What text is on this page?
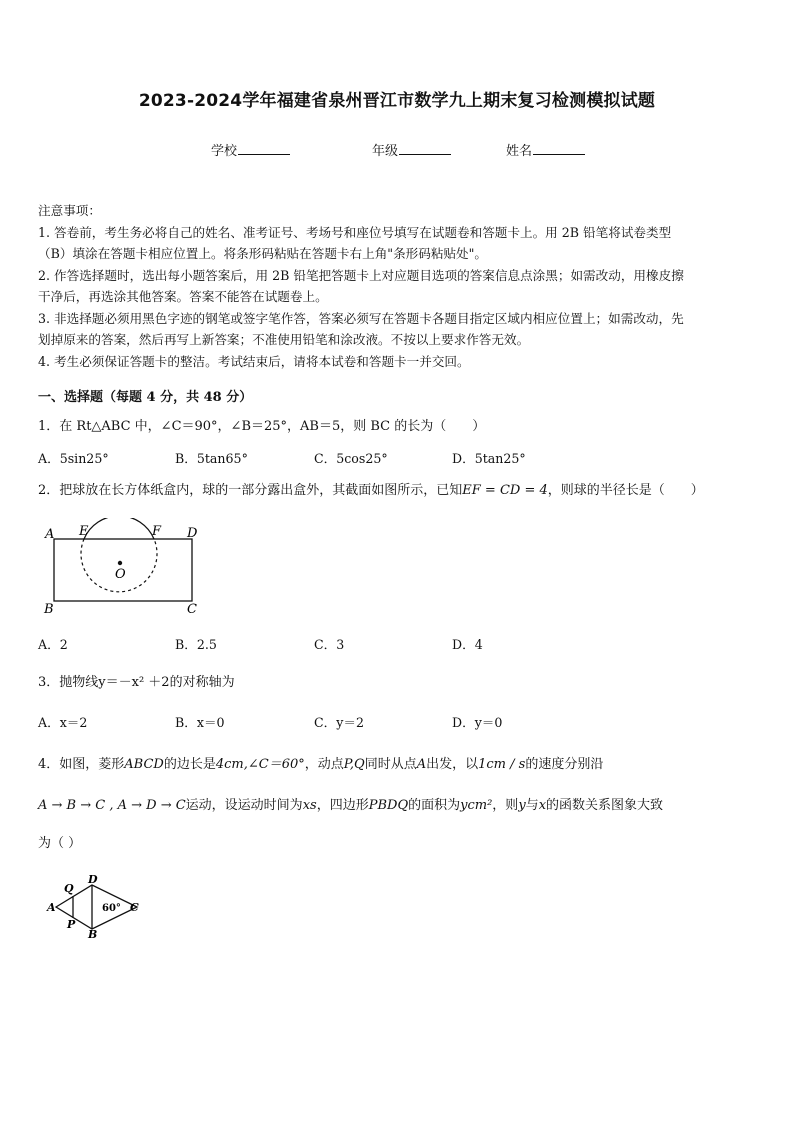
2023-2024学年福建省泉州晋江市数学九上期末复习检测模拟试题
学校	年级	姓名
注意事项：
1. 答卷前，考生务必将自己的姓名、准考证号、考场号和座位号填写在试题卷和答题卡上。用 2B 铅笔将试卷类型
（B）填涂在答题卡相应位置上。将条形码粘贴在答题卡右上角"条形码粘贴处"。
2. 作答选择题时，选出每小题答案后，用 2B 铅笔把答题卡上对应题目选项的答案信息点涂黑；如需改动，用橡皮擦
干净后，再选涂其他答案。答案不能答在试题卷上。
3. 非选择题必须用黑色字迹的钢笔或签字笔作答，答案必须写在答题卡各题目指定区域内相应位置上；如需改动，先
划掉原来的答案，然后再写上新答案；不准使用铅笔和涂改液。不按以上要求作答无效。
4. 考生必须保证答题卡的整洁。考试结束后，请将本试卷和答题卡一并交回。
一、选择题（每题 4 分，共 48 分）
1．在 Rt△ABC 中，∠C＝90°，∠B＝25°，AB＝5，则 BC 的长为（　　）
A．5sin25°	B．5tan65°	C．5cos25°	D．5tan25°
2．把球放在长方体纸盒内，球的一部分露出盒外，其截面如图所示，已知EF = CD = 4，则球的半径长是（　　）
A E	F D
O
B	C
A．2	B．2.5	C．3	D．4
3．抛物线y＝－x² ＋2的对称轴为
A．x＝2	B．x＝0	C．y＝2	D．y＝0
4．如图，菱形ABCD的边长是4cm,∠C＝60°，动点P,Q同时从点A出发，以1cm / s的速度分别沿
A → B → C , A → D → C运动，设运动时间为xs，四边形PBDQ的面积为ycm²，则y与x的函数关系图象大致
为（ ）
Q
D
A	60° C
P
B
